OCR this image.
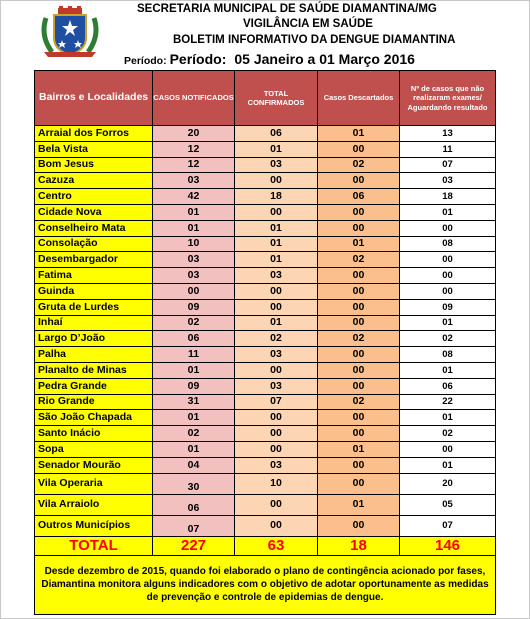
SECRETARIA MUNICIPAL DE SAÚDE DIAMANTINA/MG
VIGILÂNCIA EM SAÚDE
BOLETIM INFORMATIVO DA DENGUE DIAMANTINA
Período: Período: 05 Janeiro a 01 Março 2016
Bairros e Localidades	CASOS NOTIFICADOS	TOTAL CONFIRMADOS	Casos Descartados	Nº de casos que não realizaram exames/ Aguardando resultado
Arraial dos Forros	20	06	01	13
Bela Vista	12	01	00	11
Bom Jesus	12	03	02	07
Cazuza	03	00	00	03
Centro	42	18	06	18
Cidade Nova	01	00	00	01
Conselheiro Mata	01	01	00	00
Consolação	10	01	01	08
Desembargador	03	01	02	00
Fatima	03	03	00	00
Guinda	00	00	00	00
Gruta de Lurdes	09	00	00	09
Inhaí	02	01	00	01
Largo D’João	06	02	02	02
Palha	11	03	00	08
Planalto de Minas	01	00	00	01
Pedra Grande	09	03	00	06
Rio Grande	31	07	02	22
São João Chapada	01	00	00	01
Santo Inácio	02	00	00	02
Sopa	01	00	01	00
Senador Mourão	04	03	00	01
Vila Operaria	30	10	00	20
Vila Arraiolo	06	00	01	05
Outros Municípios	07	00	00	07
TOTAL	227	63	18	146
Desde dezembro de 2015, quando foi elaborado o plano de contingência acionado por fases, Diamantina monitora alguns indicadores com o objetivo de adotar oportunamente as medidas de prevenção e controle de epidemias de dengue.				
